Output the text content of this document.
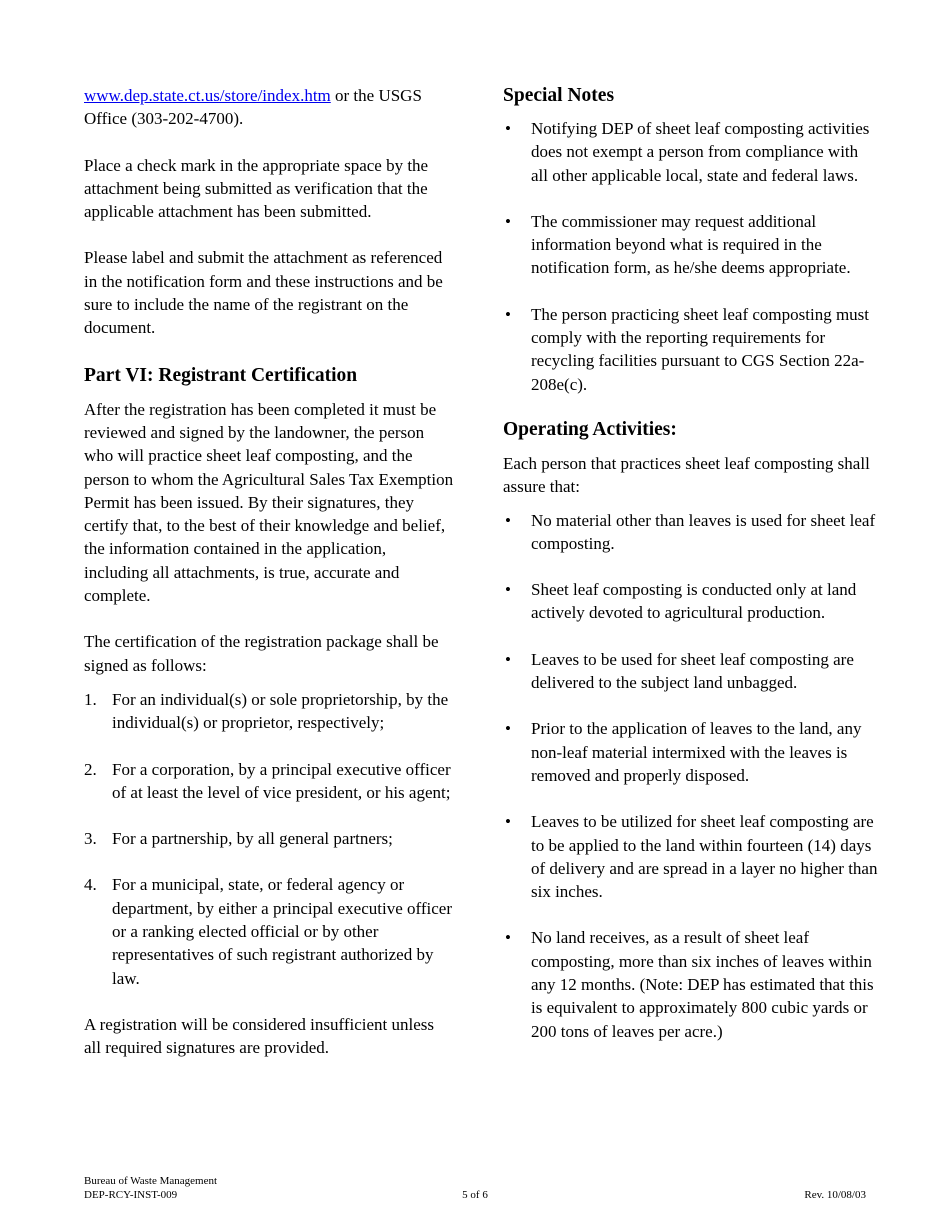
www.dep.state.ct.us/store/index.htm or the USGS Office (303-202-4700).

Place a check mark in the appropriate space by the attachment being submitted as verification that the applicable attachment has been submitted.

Please label and submit the attachment as referenced in the notification form and these instructions and be sure to include the name of the registrant on the document.

Part VI: Registrant Certification

After the registration has been completed it must be reviewed and signed by the landowner, the person who will practice sheet leaf composting, and the person to whom the Agricultural Sales Tax Exemption Permit has been issued. By their signatures, they certify that, to the best of their knowledge and belief, the information contained in the application, including all attachments, is true, accurate and complete.

The certification of the registration package shall be signed as follows:

1. For an individual(s) or sole proprietorship, by the individual(s) or proprietor, respectively;
2. For a corporation, by a principal executive officer of at least the level of vice president, or his agent;
3. For a partnership, by all general partners;
4. For a municipal, state, or federal agency or department, by either a principal executive officer or a ranking elected official or by other representatives of such registrant authorized by law.

A registration will be considered insufficient unless all required signatures are provided.

Special Notes
• Notifying DEP of sheet leaf composting activities does not exempt a person from compliance with all other applicable local, state and federal laws.
• The commissioner may request additional information beyond what is required in the notification form, as he/she deems appropriate.
• The person practicing sheet leaf composting must comply with the reporting requirements for recycling facilities pursuant to CGS Section 22a-208e(c).
Operating Activities:

Each person that practices sheet leaf composting shall assure that:

• No material other than leaves is used for sheet leaf composting.
• Sheet leaf composting is conducted only at land actively devoted to agricultural production.
• Leaves to be used for sheet leaf composting are delivered to the subject land unbagged.
• Prior to the application of leaves to the land, any non-leaf material intermixed with the leaves is removed and properly disposed.
• Leaves to be utilized for sheet leaf composting are to be applied to the land within fourteen (14) days of delivery and are spread in a layer no higher than six inches.
• No land receives, as a result of sheet leaf composting, more than six inches of leaves within any 12 months. (Note: DEP has estimated that this is equivalent to approximately 800 cubic yards or 200 tons of leaves per acre.)
Bureau of Waste Management
DEP-RCY-INST-009	5 of 6	Rev. 10/08/03
